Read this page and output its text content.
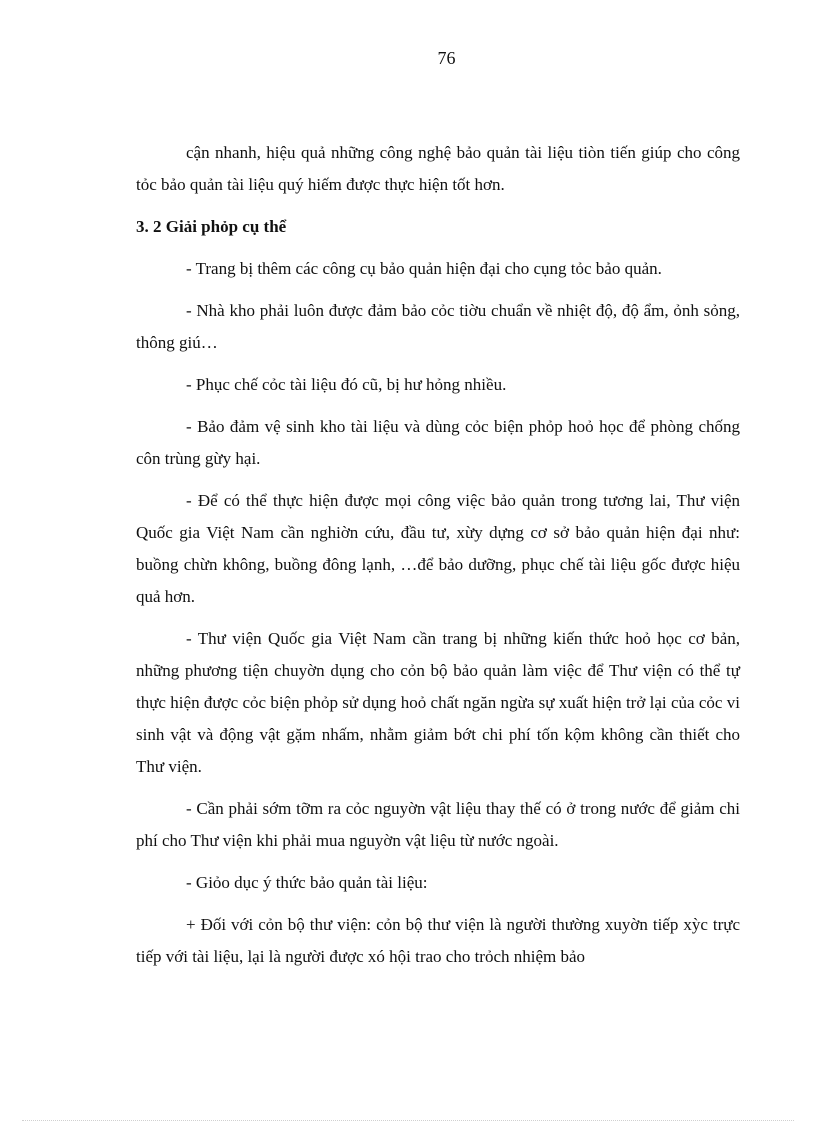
76

cận nhanh, hiệu quả những công nghệ bảo quản tài liệu tiòn tiến giúp cho công tỏc bảo quản tài liệu quý hiếm được thực hiện tốt hơn.

3. 2 Giải phỏp cụ thể

- Trang bị thêm các công cụ bảo quản hiện đại cho cụng tỏc bảo quản.

- Nhà kho phải luôn được đảm bảo cỏc tiờu chuẩn về nhiệt độ, độ ẩm, ỏnh sỏng, thông giú…

- Phục chế cỏc tài liệu đó cũ, bị hư hỏng nhiều.

- Bảo đảm vệ sinh kho tài liệu và dùng cỏc biện phỏp hoỏ học để phòng chống côn trùng gừy hại.

- Để có thể thực hiện được mọi công việc bảo quản trong tương lai, Thư viện Quốc gia Việt Nam cần nghiờn cứu, đầu tư, xừy dựng cơ sở bảo quản hiện đại như: buồng chừn không, buồng đông lạnh, …để bảo dưỡng, phục chế tài liệu gốc được hiệu quả hơn.

- Thư viện Quốc gia Việt Nam cần trang bị những kiến thức hoỏ học cơ bản, những phương tiện chuyờn dụng cho cỏn bộ bảo quản làm việc để Thư viện có thể tự thực hiện được cỏc biện phỏp sử dụng hoỏ chất ngăn ngừa sự xuất hiện trở lại của cỏc vi sinh vật và động vật gặm nhấm, nhằm giảm bớt chi phí tốn kộm không cần thiết cho Thư viện.

- Cần phải sớm tỡm ra cỏc nguyờn vật liệu thay thế có ở trong nước để giảm chi phí cho Thư viện khi phải mua nguyờn vật liệu từ nước ngoài.

- Giỏo dục ý thức bảo quản tài liệu:

+ Đối với cỏn bộ thư viện: cỏn bộ thư viện là người thường xuyờn tiếp xỳc trực tiếp với tài liệu, lại là người được xó hội trao cho trỏch nhiệm bảo
